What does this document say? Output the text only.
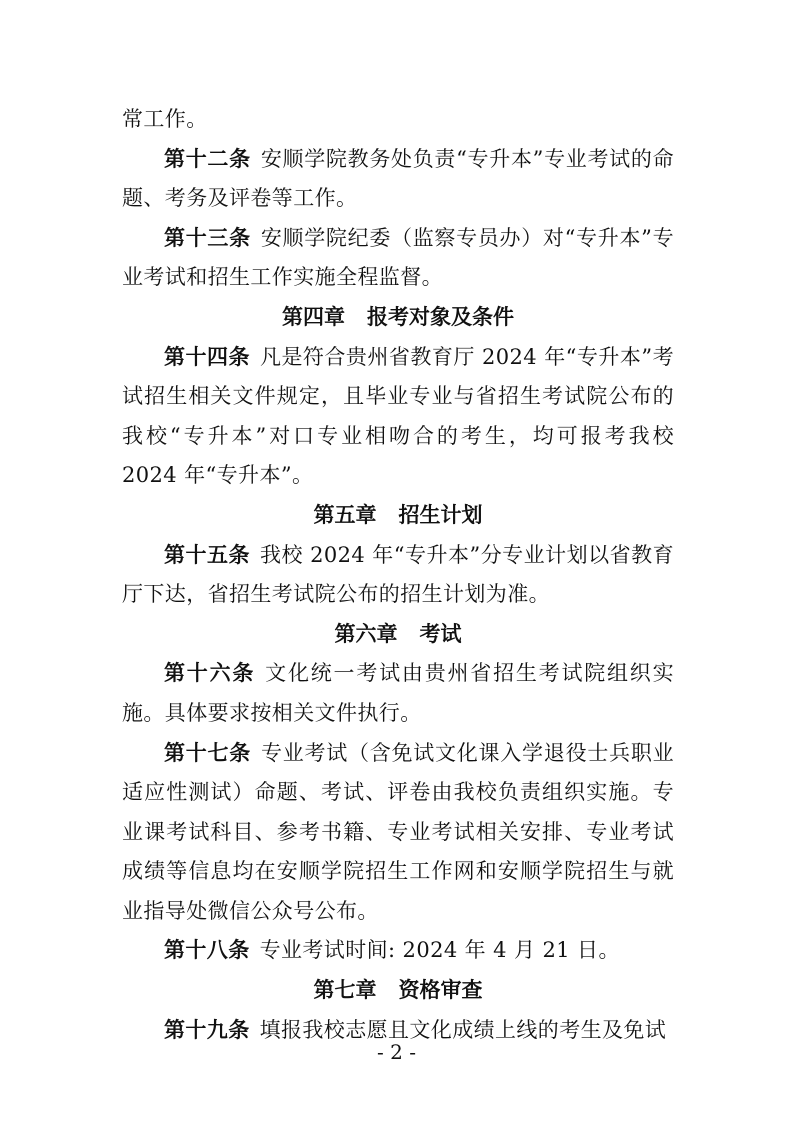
常工作。

第十二条 安顺学院教务处负责“专升本”专业考试的命题、考务及评卷等工作。

第十三条 安顺学院纪委（监察专员办）对“专升本”专业考试和招生工作实施全程监督。

第四章 报考对象及条件

第十四条 凡是符合贵州省教育厅 2024 年“专升本”考试招生相关文件规定，且毕业专业与省招生考试院公布的我校“专升本”对口专业相吻合的考生，均可报考我校 2024 年“专升本”。

第五章 招生计划

第十五条 我校 2024 年“专升本”分专业计划以省教育厅下达，省招生考试院公布的招生计划为准。

第六章 考试

第十六条 文化统一考试由贵州省招生考试院组织实施。具体要求按相关文件执行。

第十七条 专业考试（含免试文化课入学退役士兵职业适应性测试）命题、考试、评卷由我校负责组织实施。专业课考试科目、参考书籍、专业考试相关安排、专业考试成绩等信息均在安顺学院招生工作网和安顺学院招生与就业指导处微信公众号公布。

第十八条 专业考试时间: 2024 年 4 月 21 日。

第七章 资格审查

第十九条 填报我校志愿且文化成绩上线的考生及免试

- 2 -
